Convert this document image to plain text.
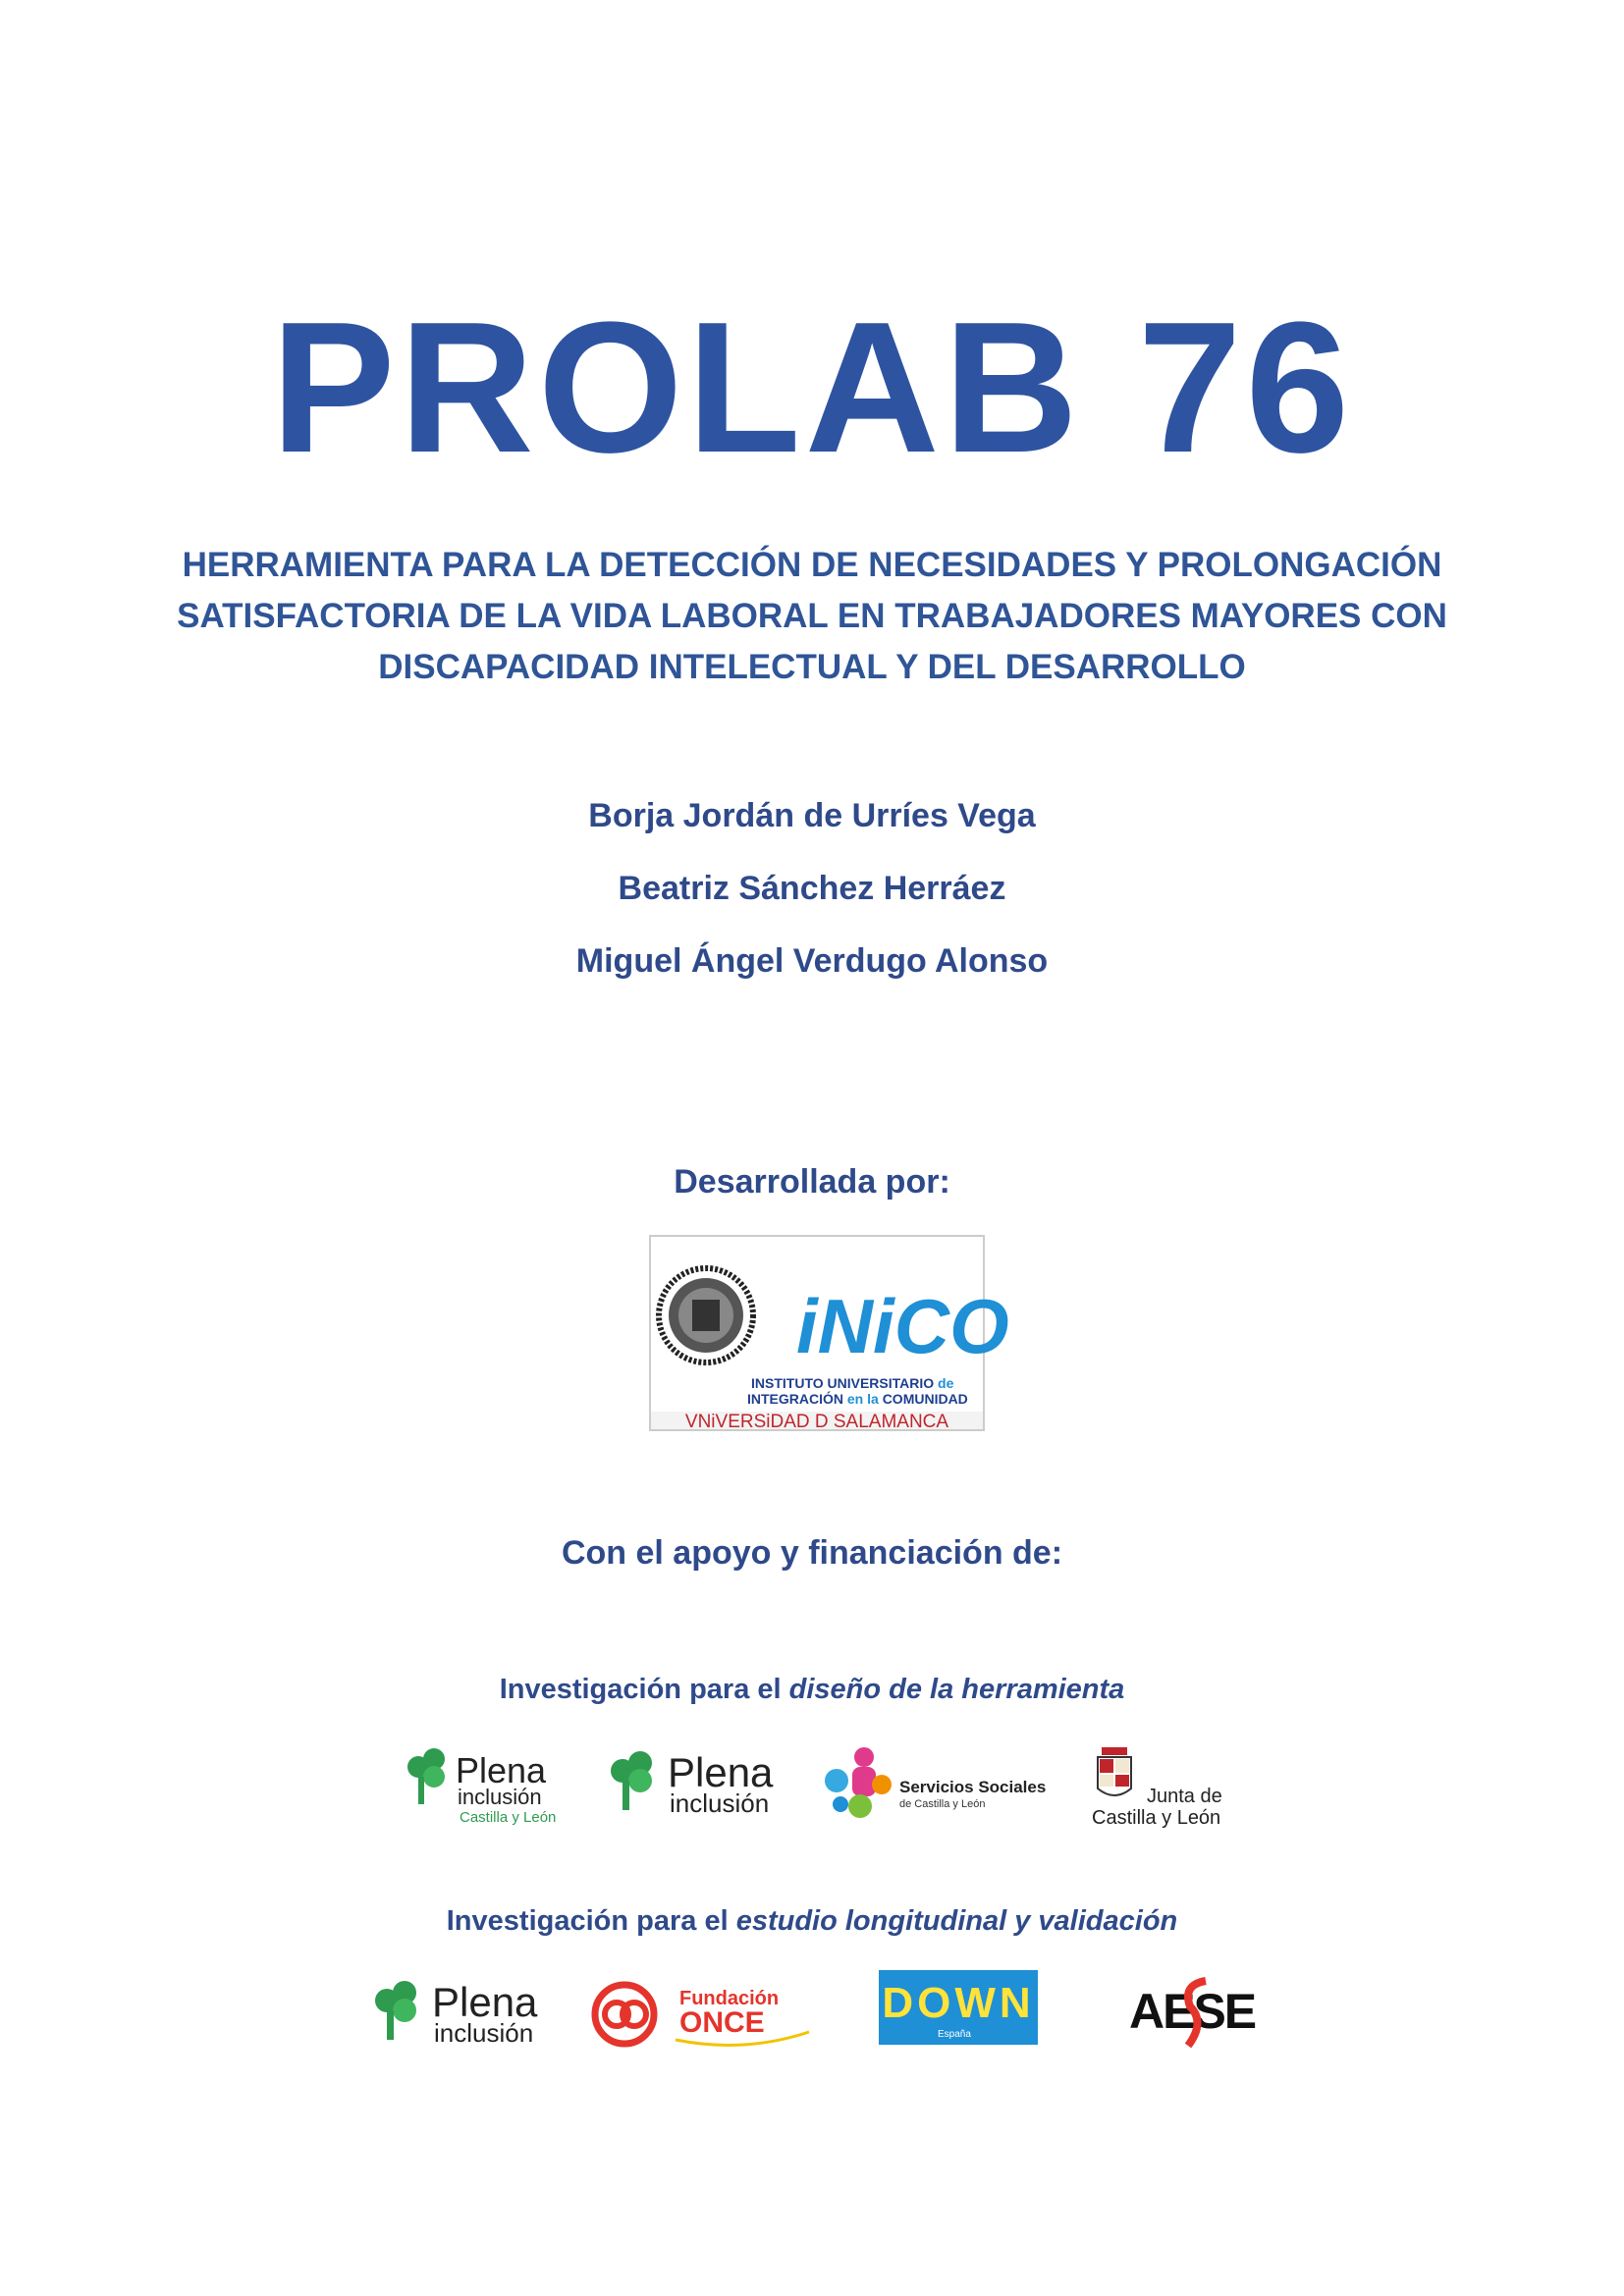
PROLAB 76
HERRAMIENTA PARA LA DETECCIÓN DE NECESIDADES Y PROLONGACIÓN
SATISFACTORIA DE LA VIDA LABORAL EN TRABAJADORES MAYORES CON
DISCAPACIDAD INTELECTUAL Y DEL DESARROLLO
Borja Jordán de Urríes Vega
Beatriz Sánchez Herráez
Miguel Ángel Verdugo Alonso
Desarrollada por:
iNiCO
INSTITUTO UNIVERSITARIO de
INTEGRACIÓN en la COMUNIDAD
VNiVERSiDAD D SALAMANCA
Con el apoyo y financiación de:
Investigación para el diseño de la herramienta
Plena
inclusión
Castilla y León
Plena
inclusión
Servicios Sociales
de Castilla y León	Junta de
Castilla y León
Investigación para el estudio longitudinal y validación
Plena
inclusión
Fundación
ONCE	DOWN
España	AESE
